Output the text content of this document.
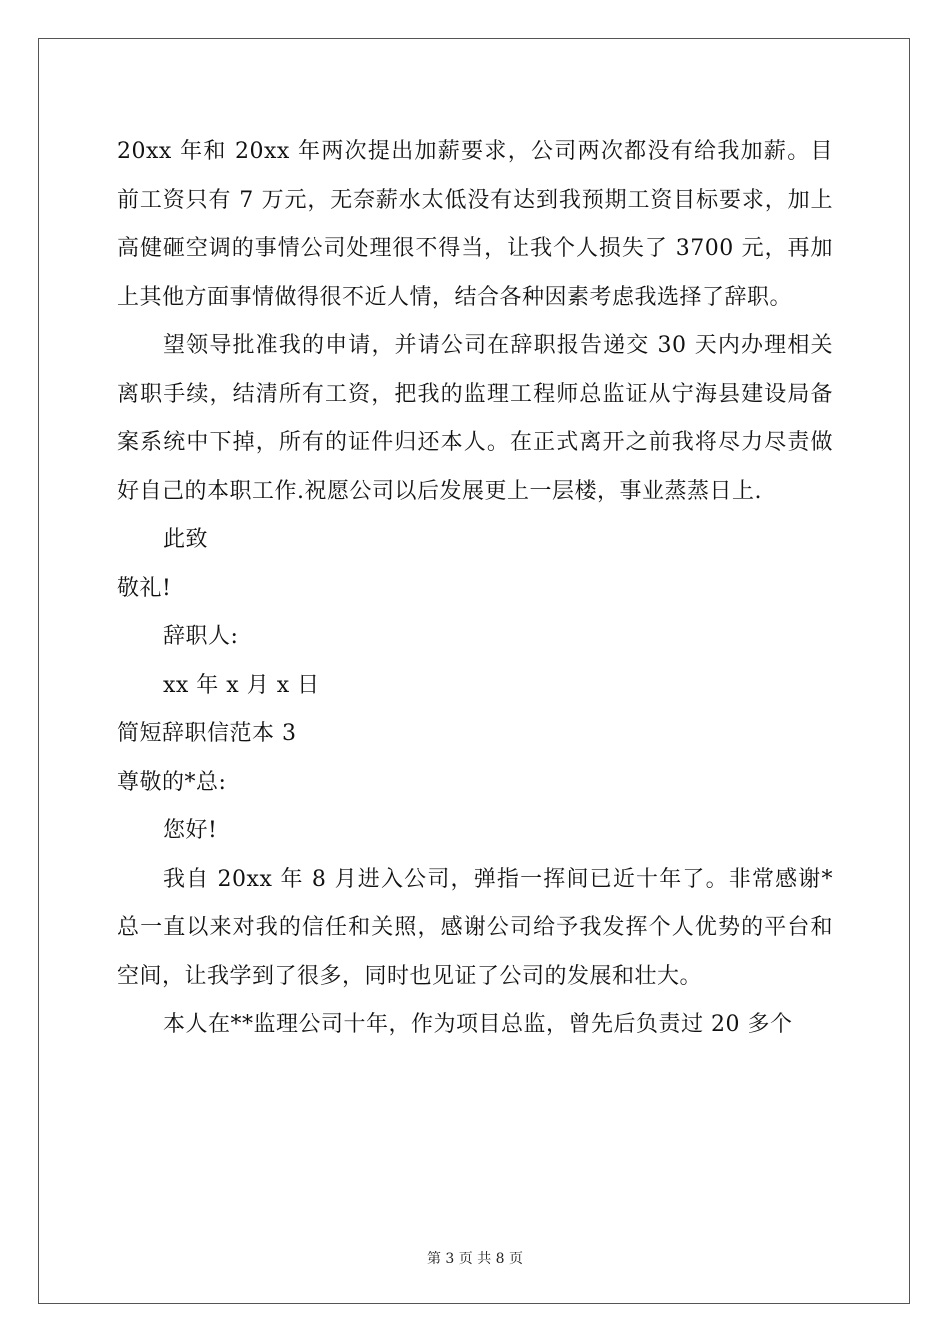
20xx 年和 20xx 年两次提出加薪要求，公司两次都没有给我加薪。目前工资只有 7 万元，无奈薪水太低没有达到我预期工资目标要求，加上高健砸空调的事情公司处理很不得当，让我个人损失了 3700 元，再加上其他方面事情做得很不近人情，结合各种因素考虑我选择了辞职。

望领导批准我的申请，并请公司在辞职报告递交 30 天内办理相关离职手续，结清所有工资，把我的监理工程师总监证从宁海县建设局备案系统中下掉，所有的证件归还本人。在正式离开之前我将尽力尽责做好自己的本职工作.祝愿公司以后发展更上一层楼，事业蒸蒸日上.

此致

敬礼!

辞职人:

xx 年 x 月 x 日

简短辞职信范本 3

尊敬的*总:

您好!

我自 20xx 年 8 月进入公司，弹指一挥间已近十年了。非常感谢*总一直以来对我的信任和关照，感谢公司给予我发挥个人优势的平台和空间，让我学到了很多，同时也见证了公司的发展和壮大。

本人在**监理公司十年，作为项目总监，曾先后负责过 20 多个

第 3 页 共 8 页
